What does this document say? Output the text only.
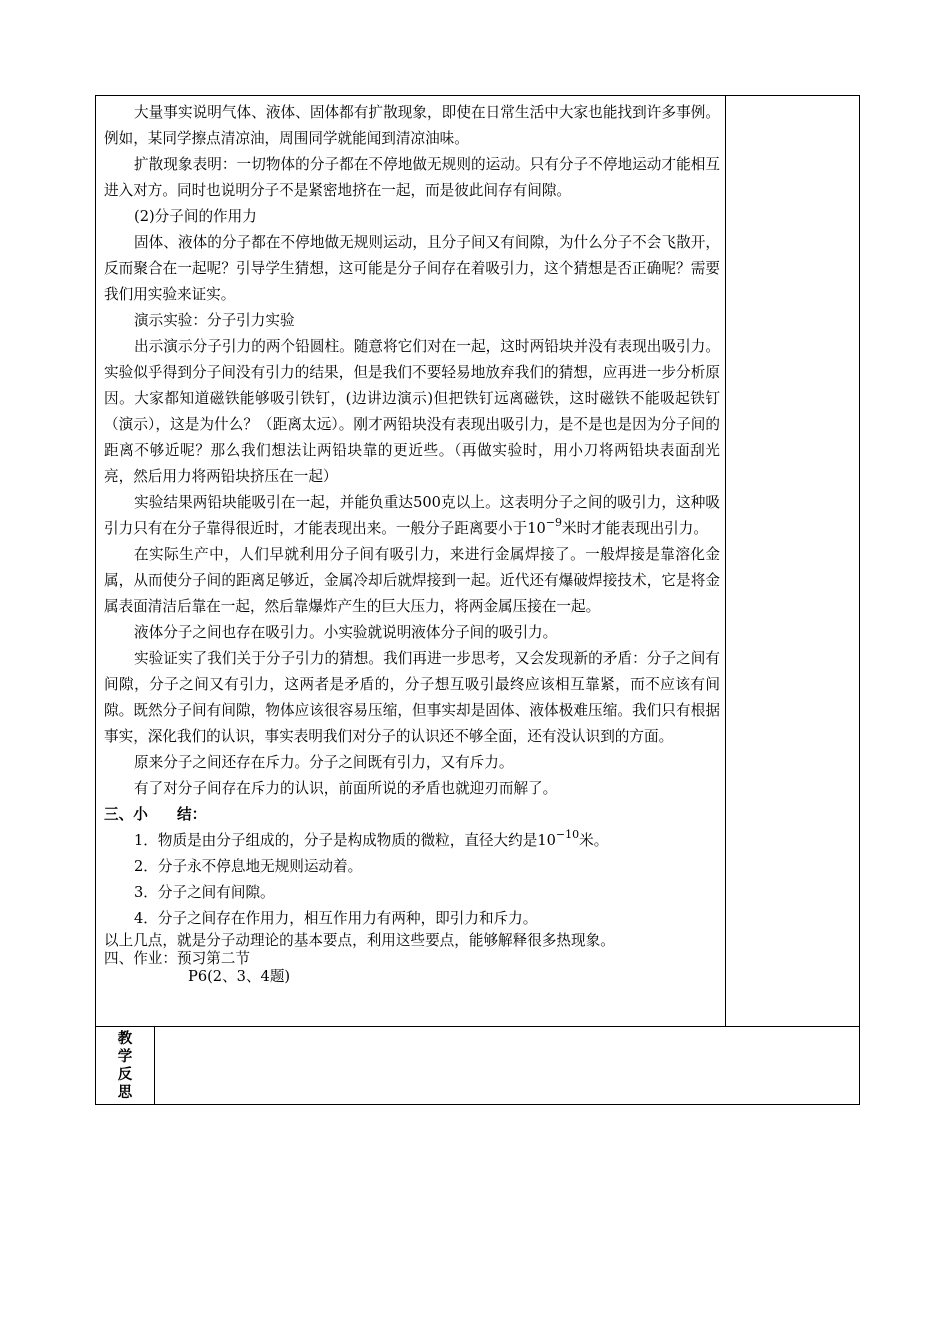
大量事实说明气体、液体、固体都有扩散现象，即使在日常生活中大家也能找到许多事例。例如，某同学擦点清凉油，周围同学就能闻到清凉油味。

扩散现象表明：一切物体的分子都在不停地做无规则的运动。只有分子不停地运动才能相互进入对方。同时也说明分子不是紧密地挤在一起，而是彼此间存有间隙。

(2)分子间的作用力

固体、液体的分子都在不停地做无规则运动，且分子间又有间隙，为什么分子不会飞散开，反而聚合在一起呢？引导学生猜想，这可能是分子间存在着吸引力，这个猜想是否正确呢？需要我们用实验来证实。

演示实验：分子引力实验

出示演示分子引力的两个铅圆柱。随意将它们对在一起，这时两铅块并没有表现出吸引力。实验似乎得到分子间没有引力的结果，但是我们不要轻易地放弃我们的猜想，应再进一步分析原因。大家都知道磁铁能够吸引铁钉，(边讲边演示)但把铁钉远离磁铁，这时磁铁不能吸起铁钉（演示），这是为什么？（距离太远）。刚才两铅块没有表现出吸引力，是不是也是因为分子间的距离不够近呢？那么我们想法让两铅块靠的更近些。（再做实验时，用小刀将两铅块表面刮光亮，然后用力将两铅块挤压在一起）

实验结果两铅块能吸引在一起，并能负重达500克以上。这表明分子之间的吸引力，这种吸引力只有在分子靠得很近时，才能表现出来。一般分子距离要小于$10^{-9}$米时才能表现出引力。

在实际生产中，人们早就利用分子间有吸引力，来进行金属焊接了。一般焊接是靠溶化金属，从而使分子间的距离足够近，金属冷却后就焊接到一起。近代还有爆破焊接技术，它是将金属表面清洁后靠在一起，然后靠爆炸产生的巨大压力，将两金属压接在一起。

液体分子之间也存在吸引力。小实验就说明液体分子间的吸引力。

实验证实了我们关于分子引力的猜想。我们再进一步思考，又会发现新的矛盾：分子之间有间隙，分子之间又有引力，这两者是矛盾的，分子想互吸引最终应该相互靠紧，而不应该有间隙。既然分子间有间隙，物体应该很容易压缩，但事实却是固体、液体极难压缩。我们只有根据事实，深化我们的认识，事实表明我们对分子的认识还不够全面，还有没认识到的方面。

原来分子之间还存在斥力。分子之间既有引力，又有斥力。

有了对分子间存在斥力的认识，前面所说的矛盾也就迎刃而解了。

三、小　　结：

1．物质是由分子组成的，分子是构成物质的微粒，直径大约是$10^{-10}$米。

2．分子永不停息地无规则运动着。

3．分子之间有间隙。

4．分子之间存在作用力，相互作用力有两种，即引力和斥力。

以上几点，就是分子动理论的基本要点，利用这些要点，能够解释很多热现象。

四、作业：预习第二节

P6(2、3、4题)

教
学
反
思
